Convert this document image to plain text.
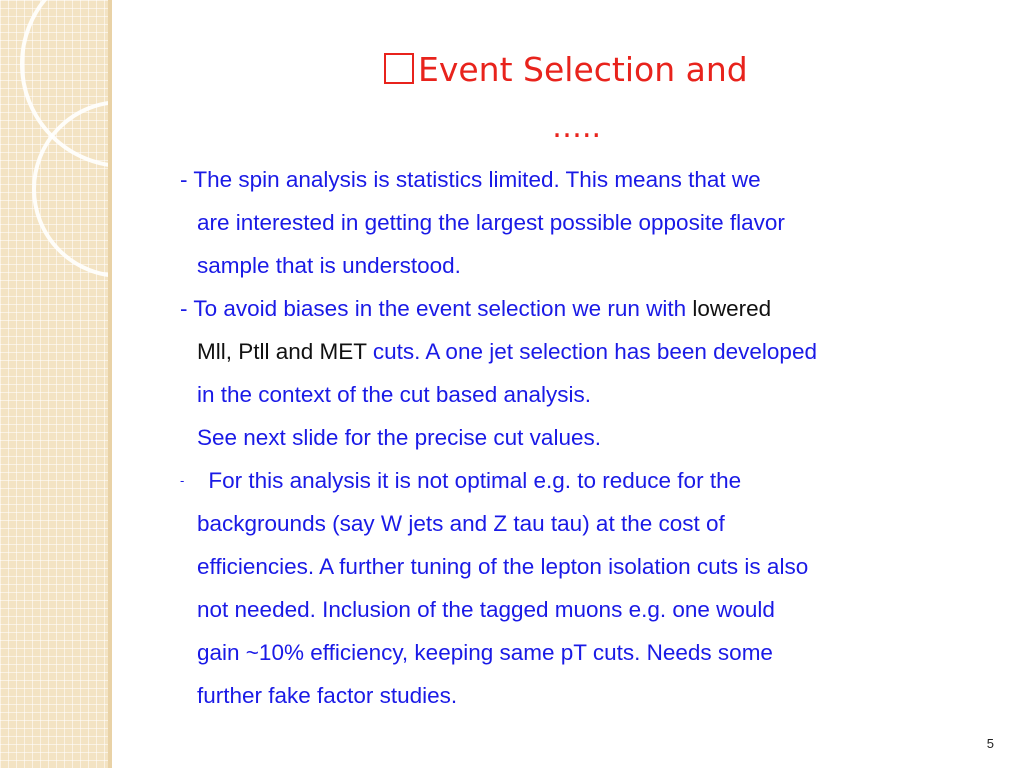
Event Selection and
…..

- The spin analysis is statistics limited. This means that we
are interested in getting the largest possible opposite flavor
sample that is understood.

- To avoid biases in the event selection we run with lowered
Mll, Ptll and MET cuts. A one jet selection has been developed
in the context of the cut based analysis.
See next slide for the precise cut values.

- For this analysis it is not optimal e.g. to reduce for the
backgrounds (say W jets and Z tau tau) at the cost of
efficiencies. A further tuning of the lepton isolation cuts is also
not needed. Inclusion of the tagged muons e.g. one would
gain ~10% efficiency, keeping same pT cuts. Needs some
further fake factor studies.

5
